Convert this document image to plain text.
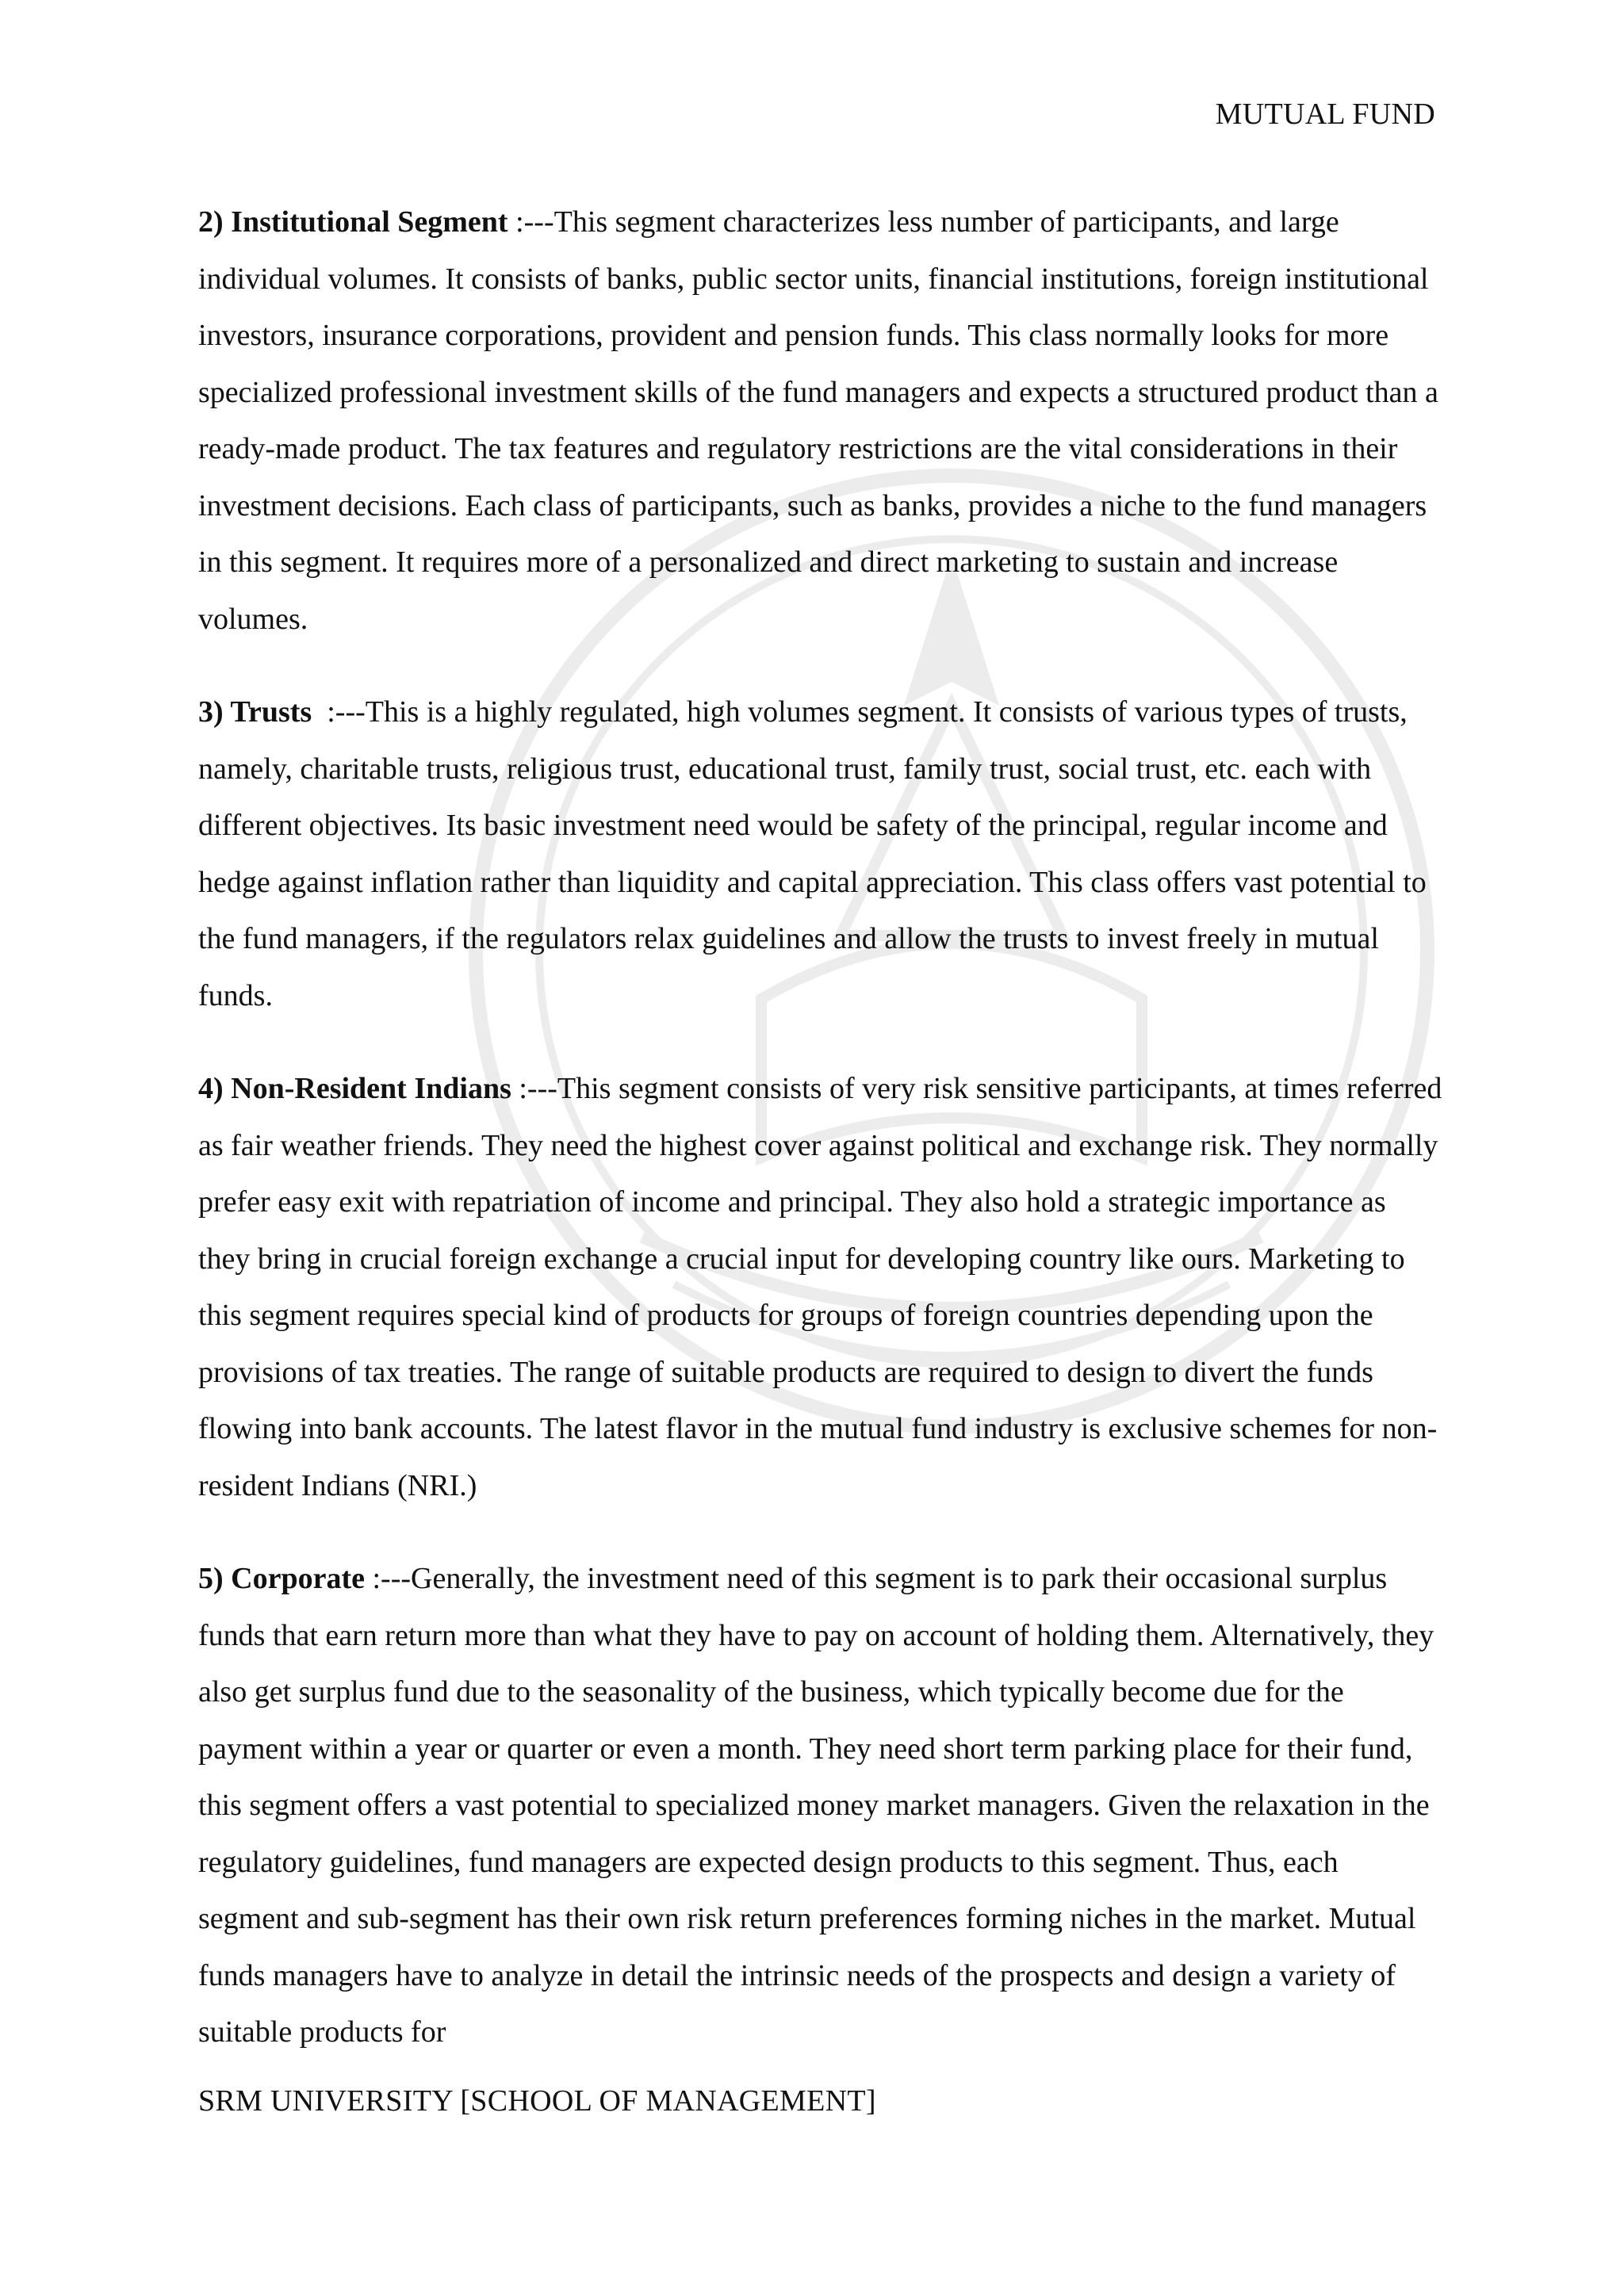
MUTUAL FUND

2) Institutional Segment :---This segment characterizes less number of participants, and large individual volumes. It consists of banks, public sector units, financial institutions, foreign institutional investors, insurance corporations, provident and pension funds. This class normally looks for more specialized professional investment skills of the fund managers and expects a structured product than a ready-made product. The tax features and regulatory restrictions are the vital considerations in their investment decisions. Each class of participants, such as banks, provides a niche to the fund managers in this segment. It requires more of a personalized and direct marketing to sustain and increase volumes.

3) Trusts  :---This is a highly regulated, high volumes segment. It consists of various types of trusts, namely, charitable trusts, religious trust, educational trust, family trust, social trust, etc. each with different objectives. Its basic investment need would be safety of the principal, regular income and hedge against inflation rather than liquidity and capital appreciation. This class offers vast potential to the fund managers, if the regulators relax guidelines and allow the trusts to invest freely in mutual funds.

4) Non-Resident Indians :---This segment consists of very risk sensitive participants, at times referred as fair weather friends. They need the highest cover against political and exchange risk. They normally prefer easy exit with repatriation of income and principal. They also hold a strategic importance as they bring in crucial foreign exchange a crucial input for developing country like ours. Marketing to this segment requires special kind of products for groups of foreign countries depending upon the provisions of tax treaties. The range of suitable products are required to design to divert the funds flowing into bank accounts. The latest flavor in the mutual fund industry is exclusive schemes for non-resident Indians (NRI.)

5) Corporate :---Generally, the investment need of this segment is to park their occasional surplus funds that earn return more than what they have to pay on account of holding them. Alternatively, they also get surplus fund due to the seasonality of the business, which typically become due for the payment within a year or quarter or even a month. They need short term parking place for their fund, this segment offers a vast potential to specialized money market managers. Given the relaxation in the regulatory guidelines, fund managers are expected design products to this segment. Thus, each segment and sub-segment has their own risk return preferences forming niches in the market. Mutual funds managers have to analyze in detail the intrinsic needs of the prospects and design a variety of suitable products for

SRM UNIVERSITY [SCHOOL OF MANAGEMENT]
